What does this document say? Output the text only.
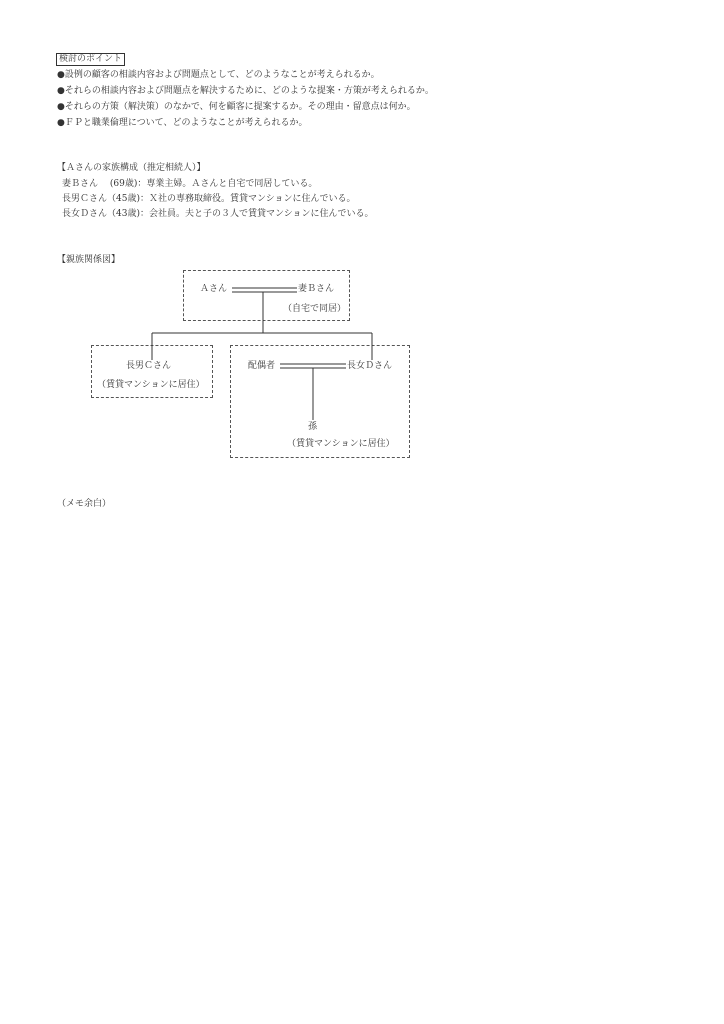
検討のポイント
●設例の顧客の相談内容および問題点として、どのようなことが考えられるか。
●それらの相談内容および問題点を解決するために、どのような提案・方策が考えられるか。
●それらの方策（解決策）のなかで、何を顧客に提案するか。その理由・留意点は何か。
●ＦＰと職業倫理について、どのようなことが考えられるか。
【Ａさんの家族構成（推定相続人）】
妻Ｂさん　 (69歳)：専業主婦。Ａさんと自宅で同居している。
長男Ｃさん（45歳)：Ｘ社の専務取締役。賃貸マンションに住んでいる。
長女Ｄさん（43歳)：会社員。夫と子の３人で賃貸マンションに住んでいる。
【親族関係図】
Ａさん	妻Ｂさん
（自宅で同居）
長男Ｃさん
（賃貸マンションに居住）
配偶者	長女Ｄさん
孫
（賃貸マンションに居住）
（メモ余白）
